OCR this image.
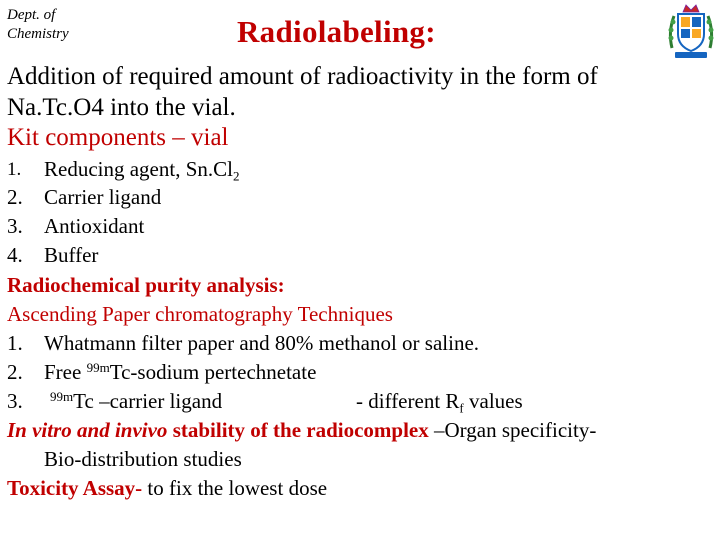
Dept. of
Chemistry	Radiolabeling:
Addition of required amount of radioactivity in the form of
Na.Tc.O4 into the vial.
Kit components – vial
1. Reducing agent, $Sn.Cl_2$
2. Carrier ligand
3. Antioxidant
4. Buffer
Radiochemical purity analysis:
Ascending Paper chromatography Techniques
1. Whatmann filter paper and 80% methanol or saline.
2. Free $^{99m}$Tc-sodium pertechnetate
3. $^{99m}$Tc –carrier ligand	- different $R_f$ values
In vitro and invivo stability of the radiocomplex –Organ specificity-
Bio-distribution studies
Toxicity Assay- to fix the lowest dose
